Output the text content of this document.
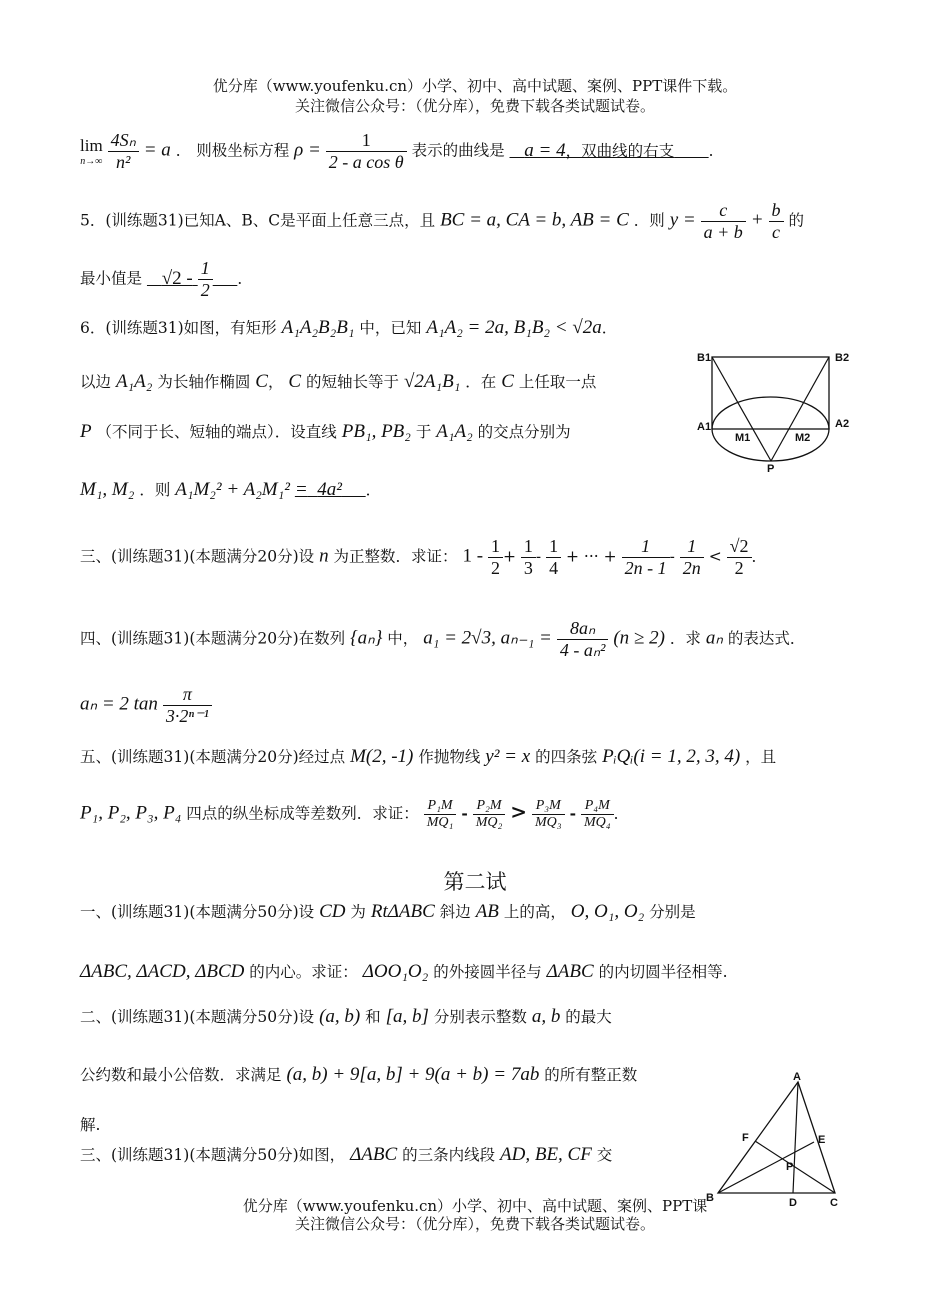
优分库（www.youfenku.cn）小学、初中、高中试题、案例、PPT课件下载。
关注微信公众号：（优分库），免费下载各类试题试卷。
lim
n→∞
$\frac{\text{4Sₙ}}{\text{n²}} = a$ ． 则极坐标方程 $\rho = \frac{1}{\text{2 - a cos θ}}$ 表示的曲线是 a = 4，双曲线的右支 ．
5．(训练题31)已知A、B、C是平面上任意三点，且 BC = a, CA = b, AB = C ．则 $y = \frac{c}{a + b} + \frac{b}{c}$ 的
最小值是 $√2 - \frac{1}{2}$ ．
6．(训练题31)如图，有矩形 A₁A₂B₂B₁ 中，已知 A₁A₂ = 2a, B₁B₂ < √2a．
以边 A₁A₂ 为长轴作椭圆 C， C 的短轴长等于 √2A₁B₁ ．在 C 上任取一点
P （不同于长、短轴的端点）．设直线 PB₁, PB₂ 于 A₁A₂ 的交点分别为
M₁, M₂ ．则 A₁M₂² + A₂M₁² = 4a² ．
B1	B2
A1	A2
M1	M2
P
三、(训练题31)(本题满分20分)设 n 为正整数．求证： $1 - \frac{1}{2} + \frac{1}{3} - \frac{1}{4}$ + ··· + $\frac{1}{2n - 1} - \frac{1}{2n} < \frac{√2}{2}$ ．
四、(训练题31)(本题满分20分)在数列 {aₙ} 中， a₁ = 2√3, $a_{n-1} = \frac{\text{8aₙ}}{\text{4 - aₙ²}} (n \ge 2)$ ．求 aₙ 的表达式．
aₙ = 2 $\tan \frac{\pi}{\text{3·2ⁿ⁻¹}}$
五、(训练题31)(本题满分20分)经过点 M(2, -1) 作抛物线 y² = x 的四条弦 PᵢQᵢ(i = 1, 2, 3, 4) ，且
P₁, P₂, P₃, P₄ 四点的纵坐标成等差数列．求证： $\frac{\text{P₁M}}{\text{MQ₁}} - \frac{\text{P₂M}}{\text{MQ₂}} > \frac{\text{P₃M}}{\text{MQ₃}} - \frac{\text{P₄M}}{\text{MQ₄}}$ ．
第二试
一、(训练题31)(本题满分50分)设 CD 为 RtΔABC 斜边 AB 上的高， O, O₁, O₂ 分别是
ΔABC, ΔACD, ΔBCD 的内心。求证： ΔOO₁O₂ 的外接圆半径与 ΔABC 的内切圆半径相等.
二、(训练题31)(本题满分50分)设 (a, b) 和 [a, b] 分别表示整数 a, b 的最大
公约数和最小公倍数．求满足 (a, b) + 9[a, b] + 9(a + b) = 7ab 的所有整正数
解.
三、(训练题31)(本题满分50分)如图， ΔABC 的三条内线段 AD, BE, CF 交
A
B	C
D
E
F
P
优分库（www.youfenku.cn）小学、初中、高中试题、案例、PPT课
关注微信公众号：（优分库），免费下载各类试题试卷。
